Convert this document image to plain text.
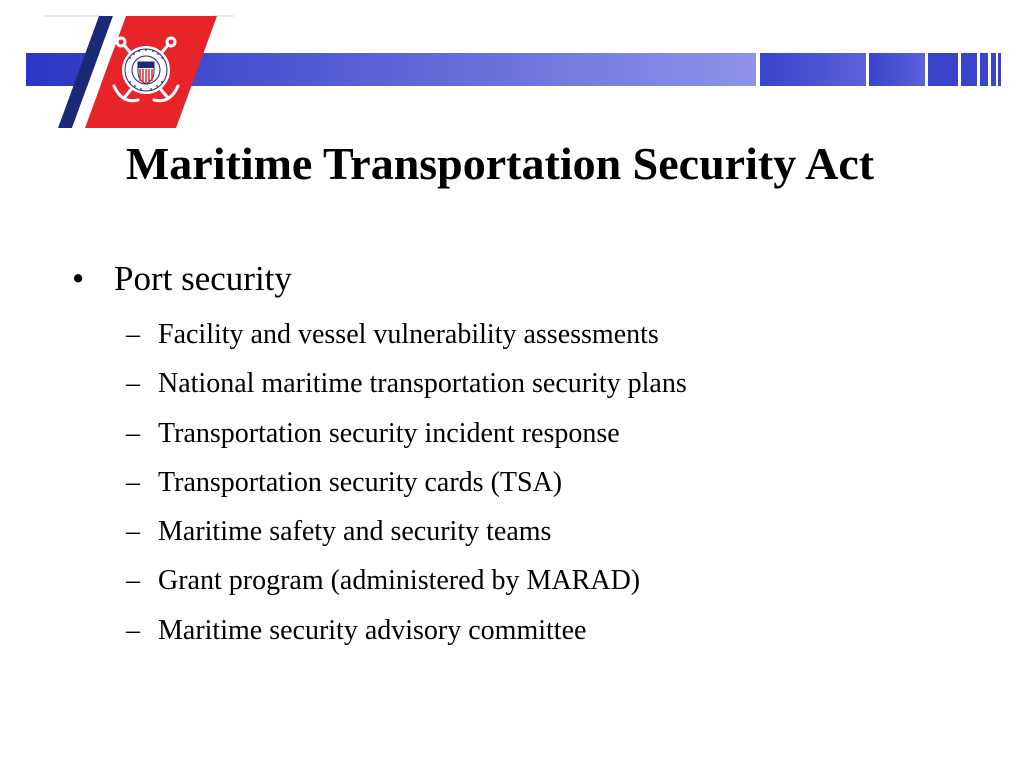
Maritime Transportation Security Act
• Port security
– Facility and vessel vulnerability assessments
– National maritime transportation security plans
– Transportation security incident response
– Transportation security cards (TSA)
– Maritime safety and security teams
– Grant program (administered by MARAD)
– Maritime security advisory committee
